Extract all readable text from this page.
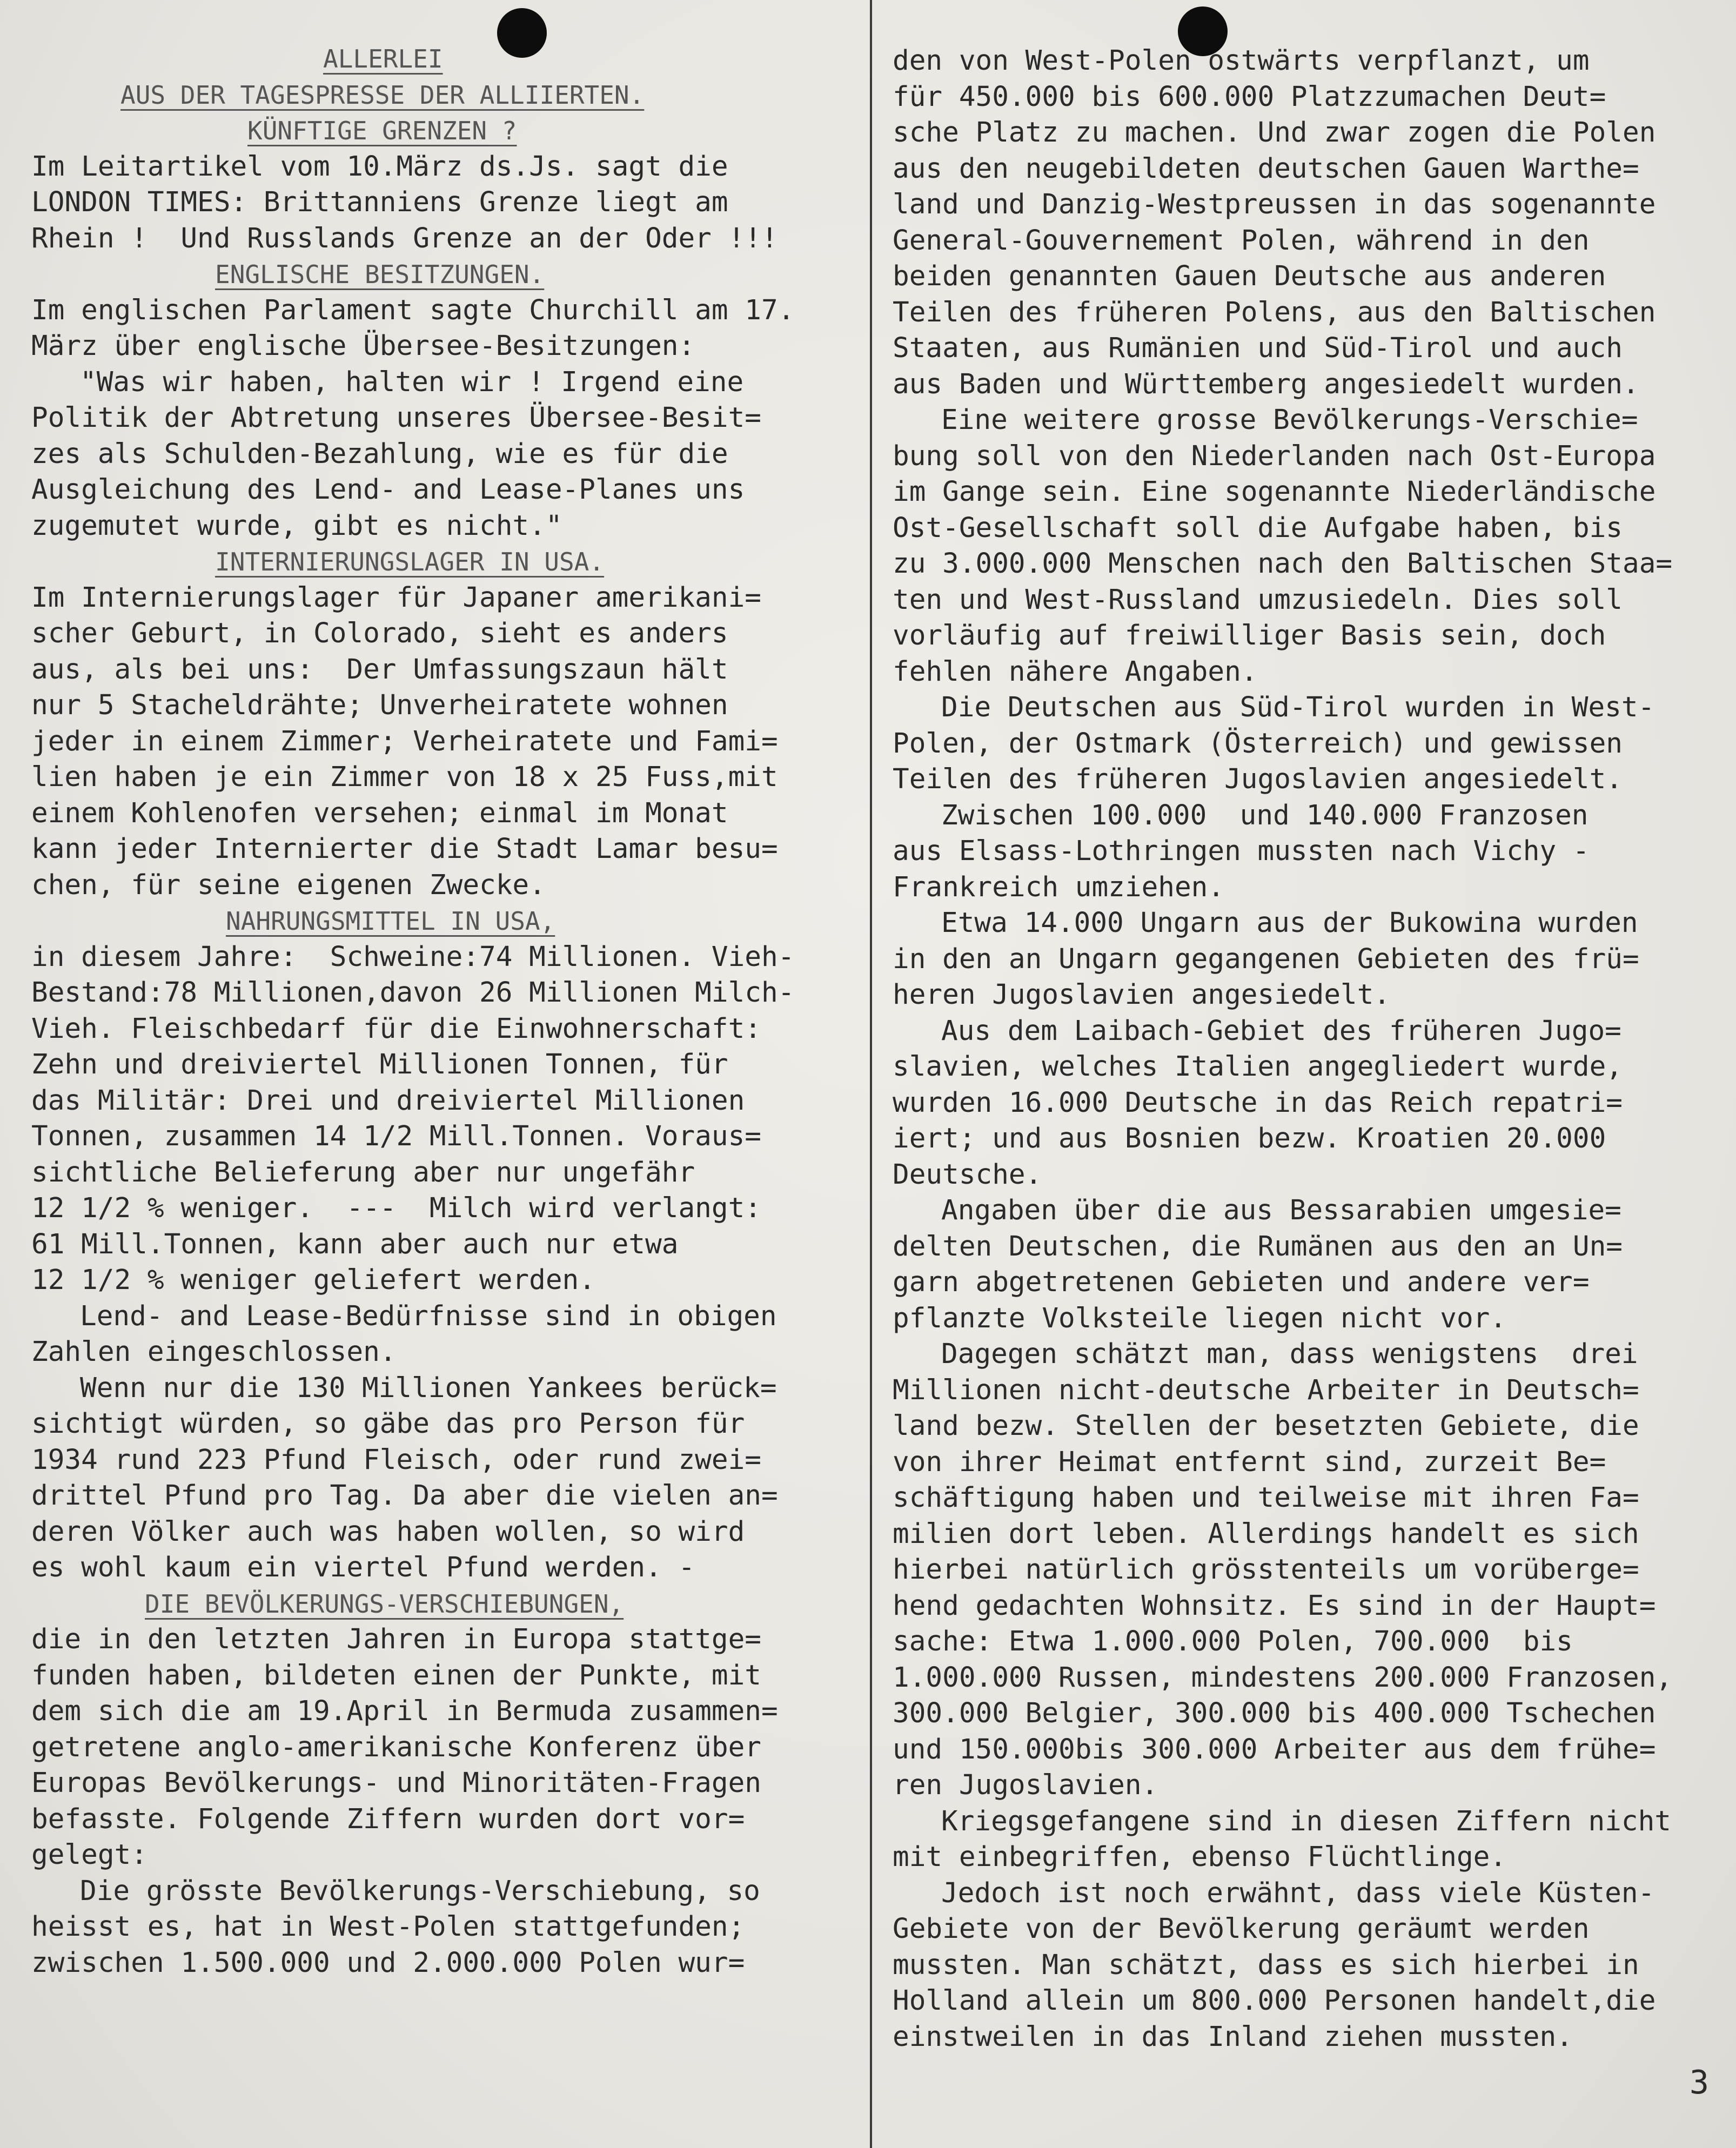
ALLERLEI
AUS DER TAGESPRESSE DER ALLIIERTEN.
KÜNFTIGE GRENZEN ?
Im Leitartikel vom 10.März ds.Js. sagt die
LONDON TIMES: Brittanniens Grenze liegt am
Rhein !  Und Russlands Grenze an der Oder !!!
ENGLISCHE BESITZUNGEN.
Im englischen Parlament sagte Churchill am 17.
März über englische Übersee-Besitzungen:
"Was wir haben, halten wir ! Irgend eine
Politik der Abtretung unseres Übersee-Besit=
zes als Schulden-Bezahlung, wie es für die
Ausgleichung des Lend- and Lease-Planes uns
zugemutet wurde, gibt es nicht."
INTERNIERUNGSLAGER IN USA.
Im Internierungslager für Japaner amerikani=
scher Geburt, in Colorado, sieht es anders
aus, als bei uns:  Der Umfassungszaun hält
nur 5 Stacheldrähte; Unverheiratete wohnen
jeder in einem Zimmer; Verheiratete und Fami=
lien haben je ein Zimmer von 18 x 25 Fuss,mit
einem Kohlenofen versehen; einmal im Monat
kann jeder Internierter die Stadt Lamar besu=
chen, für seine eigenen Zwecke.
NAHRUNGSMITTEL IN USA,
in diesem Jahre:  Schweine:74 Millionen. Vieh-
Bestand:78 Millionen,davon 26 Millionen Milch-
Vieh. Fleischbedarf für die Einwohnerschaft:
Zehn und dreiviertel Millionen Tonnen, für
das Militär: Drei und dreiviertel Millionen
Tonnen, zusammen 14 1/2 Mill.Tonnen. Voraus=
sichtliche Belieferung aber nur ungefähr
12 1/2 % weniger.  ---  Milch wird verlangt:
61 Mill.Tonnen, kann aber auch nur etwa
12 1/2 % weniger geliefert werden.
Lend- and Lease-Bedürfnisse sind in obigen
Zahlen eingeschlossen.
Wenn nur die 130 Millionen Yankees berück=
sichtigt würden, so gäbe das pro Person für
1934 rund 223 Pfund Fleisch, oder rund zwei=
drittel Pfund pro Tag. Da aber die vielen an=
deren Völker auch was haben wollen, so wird
es wohl kaum ein viertel Pfund werden. -
DIE BEVÖLKERUNGS-VERSCHIEBUNGEN,
die in den letzten Jahren in Europa stattge=
funden haben, bildeten einen der Punkte, mit
dem sich die am 19.April in Bermuda zusammen=
getretene anglo-amerikanische Konferenz über
Europas Bevölkerungs- und Minoritäten-Fragen
befasste. Folgende Ziffern wurden dort vor=
gelegt:
Die grösste Bevölkerungs-Verschiebung, so
heisst es, hat in West-Polen stattgefunden;
zwischen 1.500.000 und 2.000.000 Polen wur=
den von West-Polen ostwärts verpflanzt, um
für 450.000 bis 600.000 Platzzumachen Deut=
sche Platz zu machen. Und zwar zogen die Polen
aus den neugebildeten deutschen Gauen Warthe=
land und Danzig-Westpreussen in das sogenannte
General-Gouvernement Polen, während in den
beiden genannten Gauen Deutsche aus anderen
Teilen des früheren Polens, aus den Baltischen
Staaten, aus Rumänien und Süd-Tirol und auch
aus Baden und Württemberg angesiedelt wurden.
Eine weitere grosse Bevölkerungs-Verschie=
bung soll von den Niederlanden nach Ost-Europa
im Gange sein. Eine sogenannte Niederländische
Ost-Gesellschaft soll die Aufgabe haben, bis
zu 3.000.000 Menschen nach den Baltischen Staa=
ten und West-Russland umzusiedeln. Dies soll
vorläufig auf freiwilliger Basis sein, doch
fehlen nähere Angaben.
Die Deutschen aus Süd-Tirol wurden in West-
Polen, der Ostmark (Österreich) und gewissen
Teilen des früheren Jugoslavien angesiedelt.
Zwischen 100.000  und 140.000 Franzosen
aus Elsass-Lothringen mussten nach Vichy -
Frankreich umziehen.
Etwa 14.000 Ungarn aus der Bukowina wurden
in den an Ungarn gegangenen Gebieten des frü=
heren Jugoslavien angesiedelt.
Aus dem Laibach-Gebiet des früheren Jugo=
slavien, welches Italien angegliedert wurde,
wurden 16.000 Deutsche in das Reich repatri=
iert; und aus Bosnien bezw. Kroatien 20.000
Deutsche.
Angaben über die aus Bessarabien umgesie=
delten Deutschen, die Rumänen aus den an Un=
garn abgetretenen Gebieten und andere ver=
pflanzte Volksteile liegen nicht vor.
Dagegen schätzt man, dass wenigstens  drei
Millionen nicht-deutsche Arbeiter in Deutsch=
land bezw. Stellen der besetzten Gebiete, die
von ihrer Heimat entfernt sind, zurzeit Be=
schäftigung haben und teilweise mit ihren Fa=
milien dort leben. Allerdings handelt es sich
hierbei natürlich grösstenteils um vorüberge=
hend gedachten Wohnsitz. Es sind in der Haupt=
sache: Etwa 1.000.000 Polen, 700.000  bis
1.000.000 Russen, mindestens 200.000 Franzosen,
300.000 Belgier, 300.000 bis 400.000 Tschechen
und 150.000bis 300.000 Arbeiter aus dem frühe=
ren Jugoslavien.
Kriegsgefangene sind in diesen Ziffern nicht
mit einbegriffen, ebenso Flüchtlinge.
Jedoch ist noch erwähnt, dass viele Küsten-
Gebiete von der Bevölkerung geräumt werden
mussten. Man schätzt, dass es sich hierbei in
Holland allein um 800.000 Personen handelt,die
einstweilen in das Inland ziehen mussten.
3
